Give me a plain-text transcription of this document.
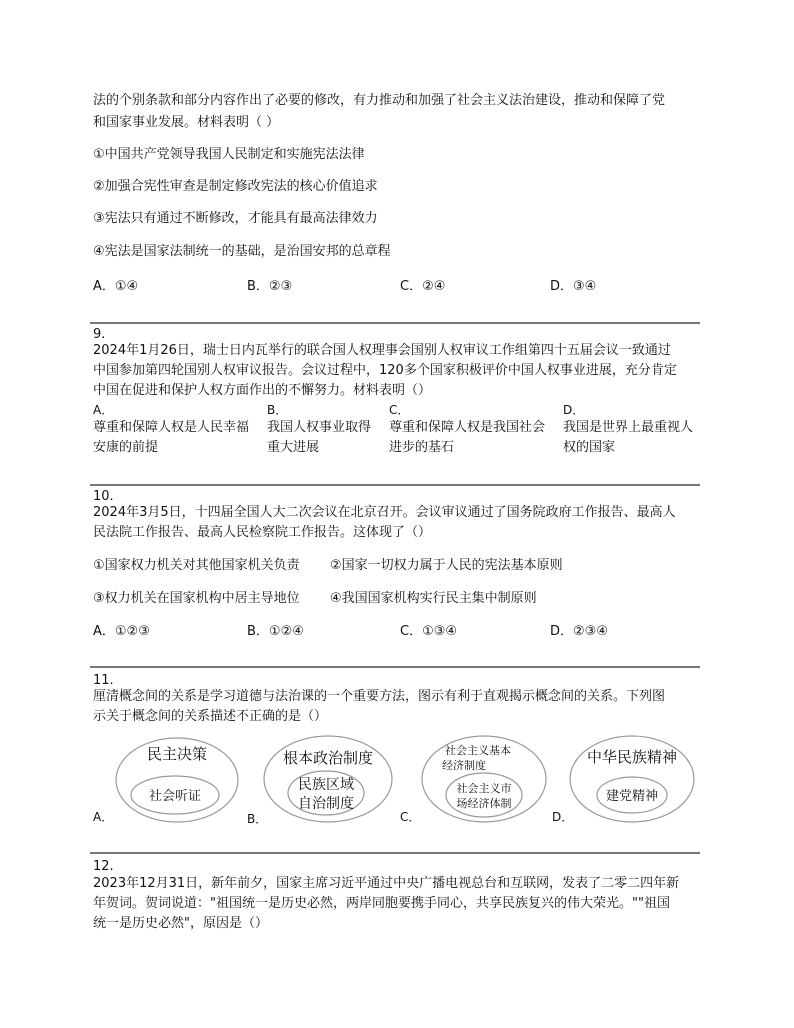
法的个别条款和部分内容作出了必要的修改，有力推动和加强了社会主义法治建设，推动和保障了党
和国家事业发展。材料表明（ ）
①中国共产党领导我国人民制定和实施宪法法律
②加强合宪性审查是制定修改宪法的核心价值追求
③宪法只有通过不断修改，才能具有最高法律效力
④宪法是国家法制统一的基础，是治国安邦的总章程
A．①④	B．②③	C．②④	D．③④
9.
2024年1月26日，瑞士日内瓦举行的联合国人权理事会国别人权审议工作组第四十五届会议一致通过
中国参加第四轮国别人权审议报告。会议过程中，120多个国家积极评价中国人权事业进展，充分肯定
中国在促进和保护人权方面作出的不懈努力。材料表明（）
A．
尊重和保障人权是人民幸福安康的前提
B．
我国人权事业取得重大进展
C．
尊重和保障人权是我国社会进步的基石
D．
我国是世界上最重视人权的国家
10.
2024年3月5日，十四届全国人大二次会议在北京召开。会议审议通过了国务院政府工作报告、最高人
民法院工作报告、最高人民检察院工作报告。这体现了（）
①国家权力机关对其他国家机关负责 ②国家一切权力属于人民的宪法基本原则
③权力机关在国家机构中居主导地位 ④我国国家机构实行民主集中制原则
A．①②③	B．①②④	C．①③④	D．②③④
11.
厘清概念间的关系是学习道德与法治课的一个重要方法，图示有利于直观揭示概念间的关系。下列图
示关于概念间的关系描述不正确的是（）
A．
民主决策
社会听证
B．
根本政治制度
民族区域
自治制度
C．
社会主义基本
经济制度
社会主义市
场经济体制
D．
中华民族精神
建党精神
12.
2023年12月31日，新年前夕，国家主席习近平通过中央广播电视总台和互联网，发表了二零二四年新
年贺词。贺词说道："祖国统一是历史必然，两岸同胞要携手同心，共享民族复兴的伟大荣光。""祖国
统一是历史必然"，原因是（）
